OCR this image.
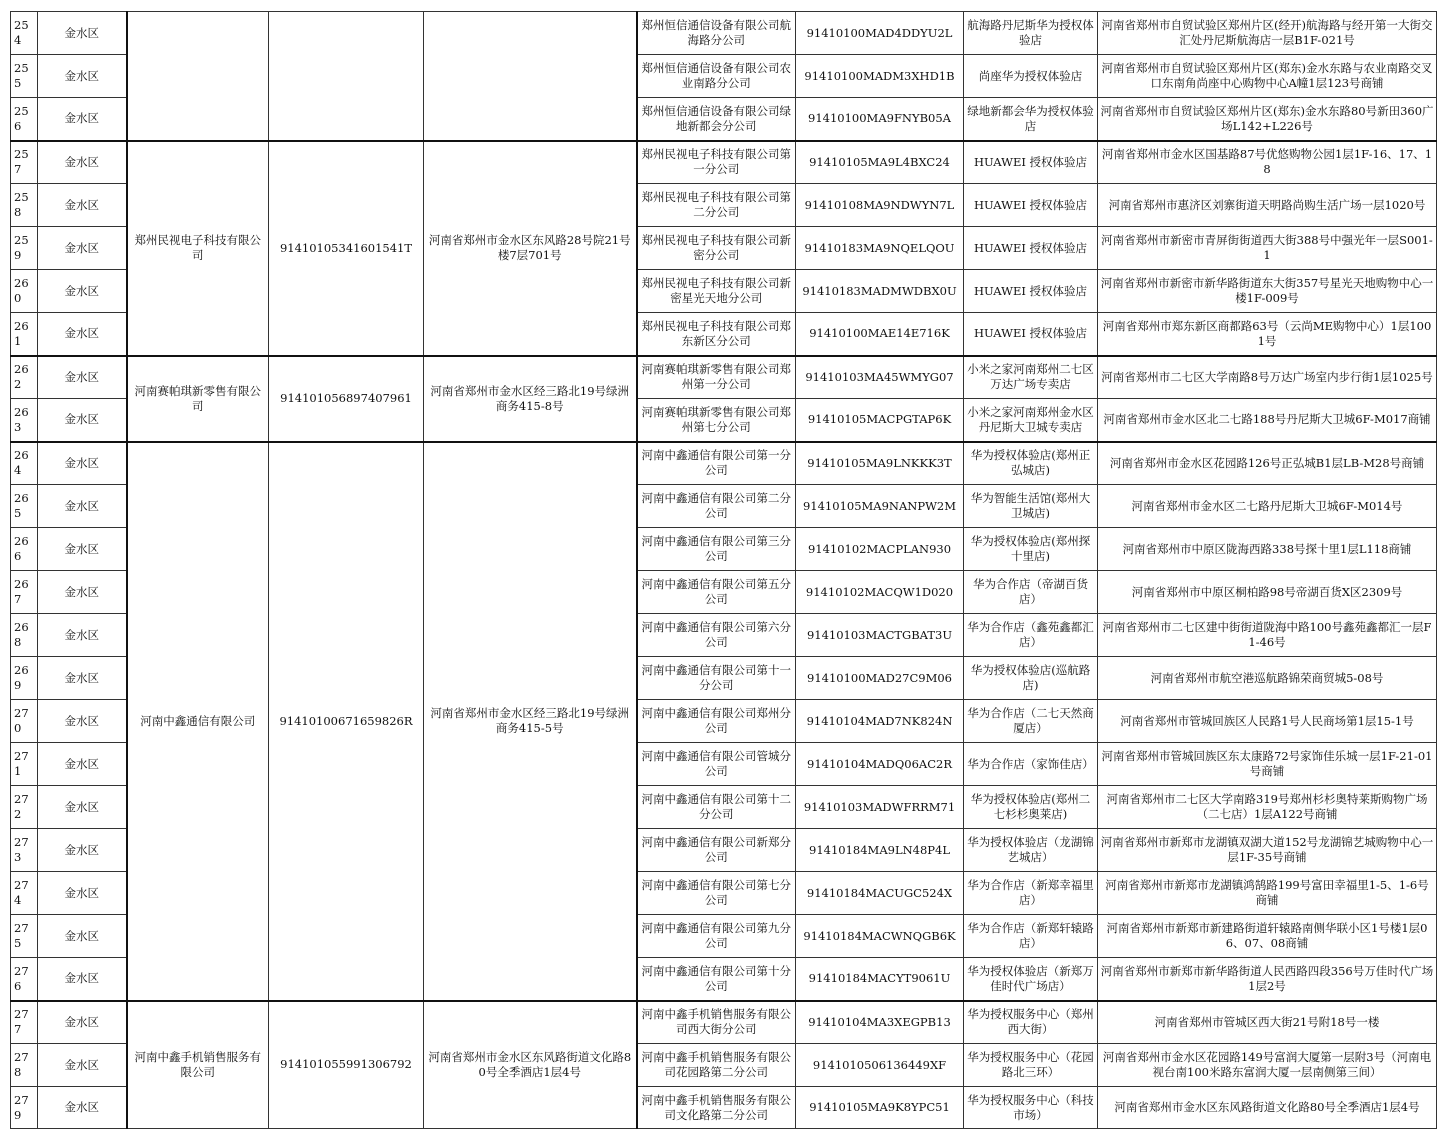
254	金水区				郑州恒信通信设备有限公司航海路分公司	91410100MAD4DDYU2L	航海路丹尼斯华为授权体验店	河南省郑州市自贸试验区郑州片区(经开)航海路与经开第一大街交汇处丹尼斯航海店一层B1F-021号
255	金水区				郑州恒信通信设备有限公司农业南路分公司	91410100MADM3XHD1B	尚座华为授权体验店	河南省郑州市自贸试验区郑州片区(郑东)金水东路与农业南路交叉口东南角尚座中心购物中心A幢1层123号商铺
256	金水区				郑州恒信通信设备有限公司绿地新都会分公司	91410100MA9FNYB05A	绿地新都会华为授权体验店	河南省郑州市自贸试验区郑州片区(郑东)金水东路80号新田360广场L142+L226号
257	金水区	郑州民视电子科技有限公司	91410105341601541T	河南省郑州市金水区东风路28号院21号楼7层701号	郑州民视电子科技有限公司第一分公司	91410105MA9L4BXC24	HUAWEI 授权体验店	河南省郑州市金水区国基路87号优悠购物公园1层1F-16、17、18
258	金水区				郑州民视电子科技有限公司第二分公司	91410108MA9NDWYN7L	HUAWEI 授权体验店	河南省郑州市惠济区刘寨街道天明路尚购生活广场一层1020号
259	金水区				郑州民视电子科技有限公司新密分公司	91410183MA9NQELQOU	HUAWEI 授权体验店	河南省郑州市新密市青屏街街道西大街388号中强光年一层S001-1
260	金水区				郑州民视电子科技有限公司新密星光天地分公司	91410183MADMWDBX0U	HUAWEI 授权体验店	河南省郑州市新密市新华路街道东大街357号星光天地购物中心一楼1F-009号
261	金水区				郑州民视电子科技有限公司郑东新区分公司	91410100MAE14E716K	HUAWEI 授权体验店	河南省郑州市郑东新区商都路63号（云尚ME购物中心）1层1001号
262	金水区	河南赛帕琪新零售有限公司	914101056897407961	河南省郑州市金水区经三路北19号绿洲商务415-8号	河南赛帕琪新零售有限公司郑州第一分公司	91410103MA45WMYG07	小米之家河南郑州二七区万达广场专卖店	河南省郑州市二七区大学南路8号万达广场室内步行街1层1025号
263	金水区				河南赛帕琪新零售有限公司郑州第七分公司	91410105MACPGTAP6K	小米之家河南郑州金水区丹尼斯大卫城专卖店	河南省郑州市金水区北二七路188号丹尼斯大卫城6F-M017商铺
264	金水区	河南中鑫通信有限公司	91410100671659826R	河南省郑州市金水区经三路北19号绿洲商务415-5号	河南中鑫通信有限公司第一分公司	91410105MA9LNKKK3T	华为授权体验店(郑州正弘城店)	河南省郑州市金水区花园路126号正弘城B1层LB-M28号商铺
265	金水区				河南中鑫通信有限公司第二分公司	91410105MA9NANPW2M	华为智能生活馆(郑州大卫城店)	河南省郑州市金水区二七路丹尼斯大卫城6F-M014号
266	金水区				河南中鑫通信有限公司第三分公司	91410102MACPLAN930	华为授权体验店(郑州探十里店)	河南省郑州市中原区陇海西路338号探十里1层L118商铺
267	金水区				河南中鑫通信有限公司第五分公司	91410102MACQW1D020	华为合作店（帝湖百货店）	河南省郑州市中原区桐柏路98号帝湖百货X区2309号
268	金水区				河南中鑫通信有限公司第六分公司	91410103MACTGBAT3U	华为合作店（鑫苑鑫都汇店）	河南省郑州市二七区建中街街道陇海中路100号鑫苑鑫都汇一层F1-46号
269	金水区				河南中鑫通信有限公司第十一分公司	91410100MAD27C9M06	华为授权体验店(巡航路店)	河南省郑州市航空港巡航路锦荣商贸城5-08号
270	金水区				河南中鑫通信有限公司郑州分公司	91410104MAD7NK824N	华为合作店（二七天然商厦店）	河南省郑州市管城回族区人民路1号人民商场第1层15-1号
271	金水区				河南中鑫通信有限公司管城分公司	91410104MADQ06AC2R	华为合作店（家饰佳店）	河南省郑州市管城回族区东太康路72号家饰佳乐城一层1F-21-01号商铺
272	金水区				河南中鑫通信有限公司第十二分公司	91410103MADWFRRM71	华为授权体验店(郑州二七杉杉奥莱店)	河南省郑州市二七区大学南路319号郑州杉杉奥特莱斯购物广场（二七店）1层A122号商铺
273	金水区				河南中鑫通信有限公司新郑分公司	91410184MA9LN48P4L	华为授权体验店（龙湖锦艺城店）	河南省郑州市新郑市龙湖镇双湖大道152号龙湖锦艺城购物中心一层1F-35号商铺
274	金水区				河南中鑫通信有限公司第七分公司	91410184MACUGC524X	华为合作店（新郑幸福里店）	河南省郑州市新郑市龙湖镇鸿鹄路199号富田幸福里1-5、1-6号商铺
275	金水区				河南中鑫通信有限公司第九分公司	91410184MACWNQGB6K	华为合作店（新郑轩辕路店）	河南省郑州市新郑市新建路街道轩辕路南侧华联小区1号楼1层06、07、08商铺
276	金水区				河南中鑫通信有限公司第十分公司	91410184MACYT9061U	华为授权体验店（新郑万佳时代广场店）	河南省郑州市新郑市新华路街道人民西路四段356号万佳时代广场1层2号
277	金水区	河南中鑫手机销售服务有限公司	914101055991306792	河南省郑州市金水区东风路街道文化路80号全季酒店1层4号	河南中鑫手机销售服务有限公司西大街分公司	91410104MA3XEGPB13	华为授权服务中心（郑州西大街）	河南省郑州市管城区西大街21号附18号一楼
278	金水区				河南中鑫手机销售服务有限公司花园路第二分公司	9141010506136449XF	华为授权服务中心（花园路北三环）	河南省郑州市金水区花园路149号富润大厦第一层附3号（河南电视台南100米路东富润大厦一层南侧第三间）
279	金水区				河南中鑫手机销售服务有限公司文化路第二分公司	91410105MA9K8YPC51	华为授权服务中心（科技市场）	河南省郑州市金水区东风路街道文化路80号全季酒店1层4号
